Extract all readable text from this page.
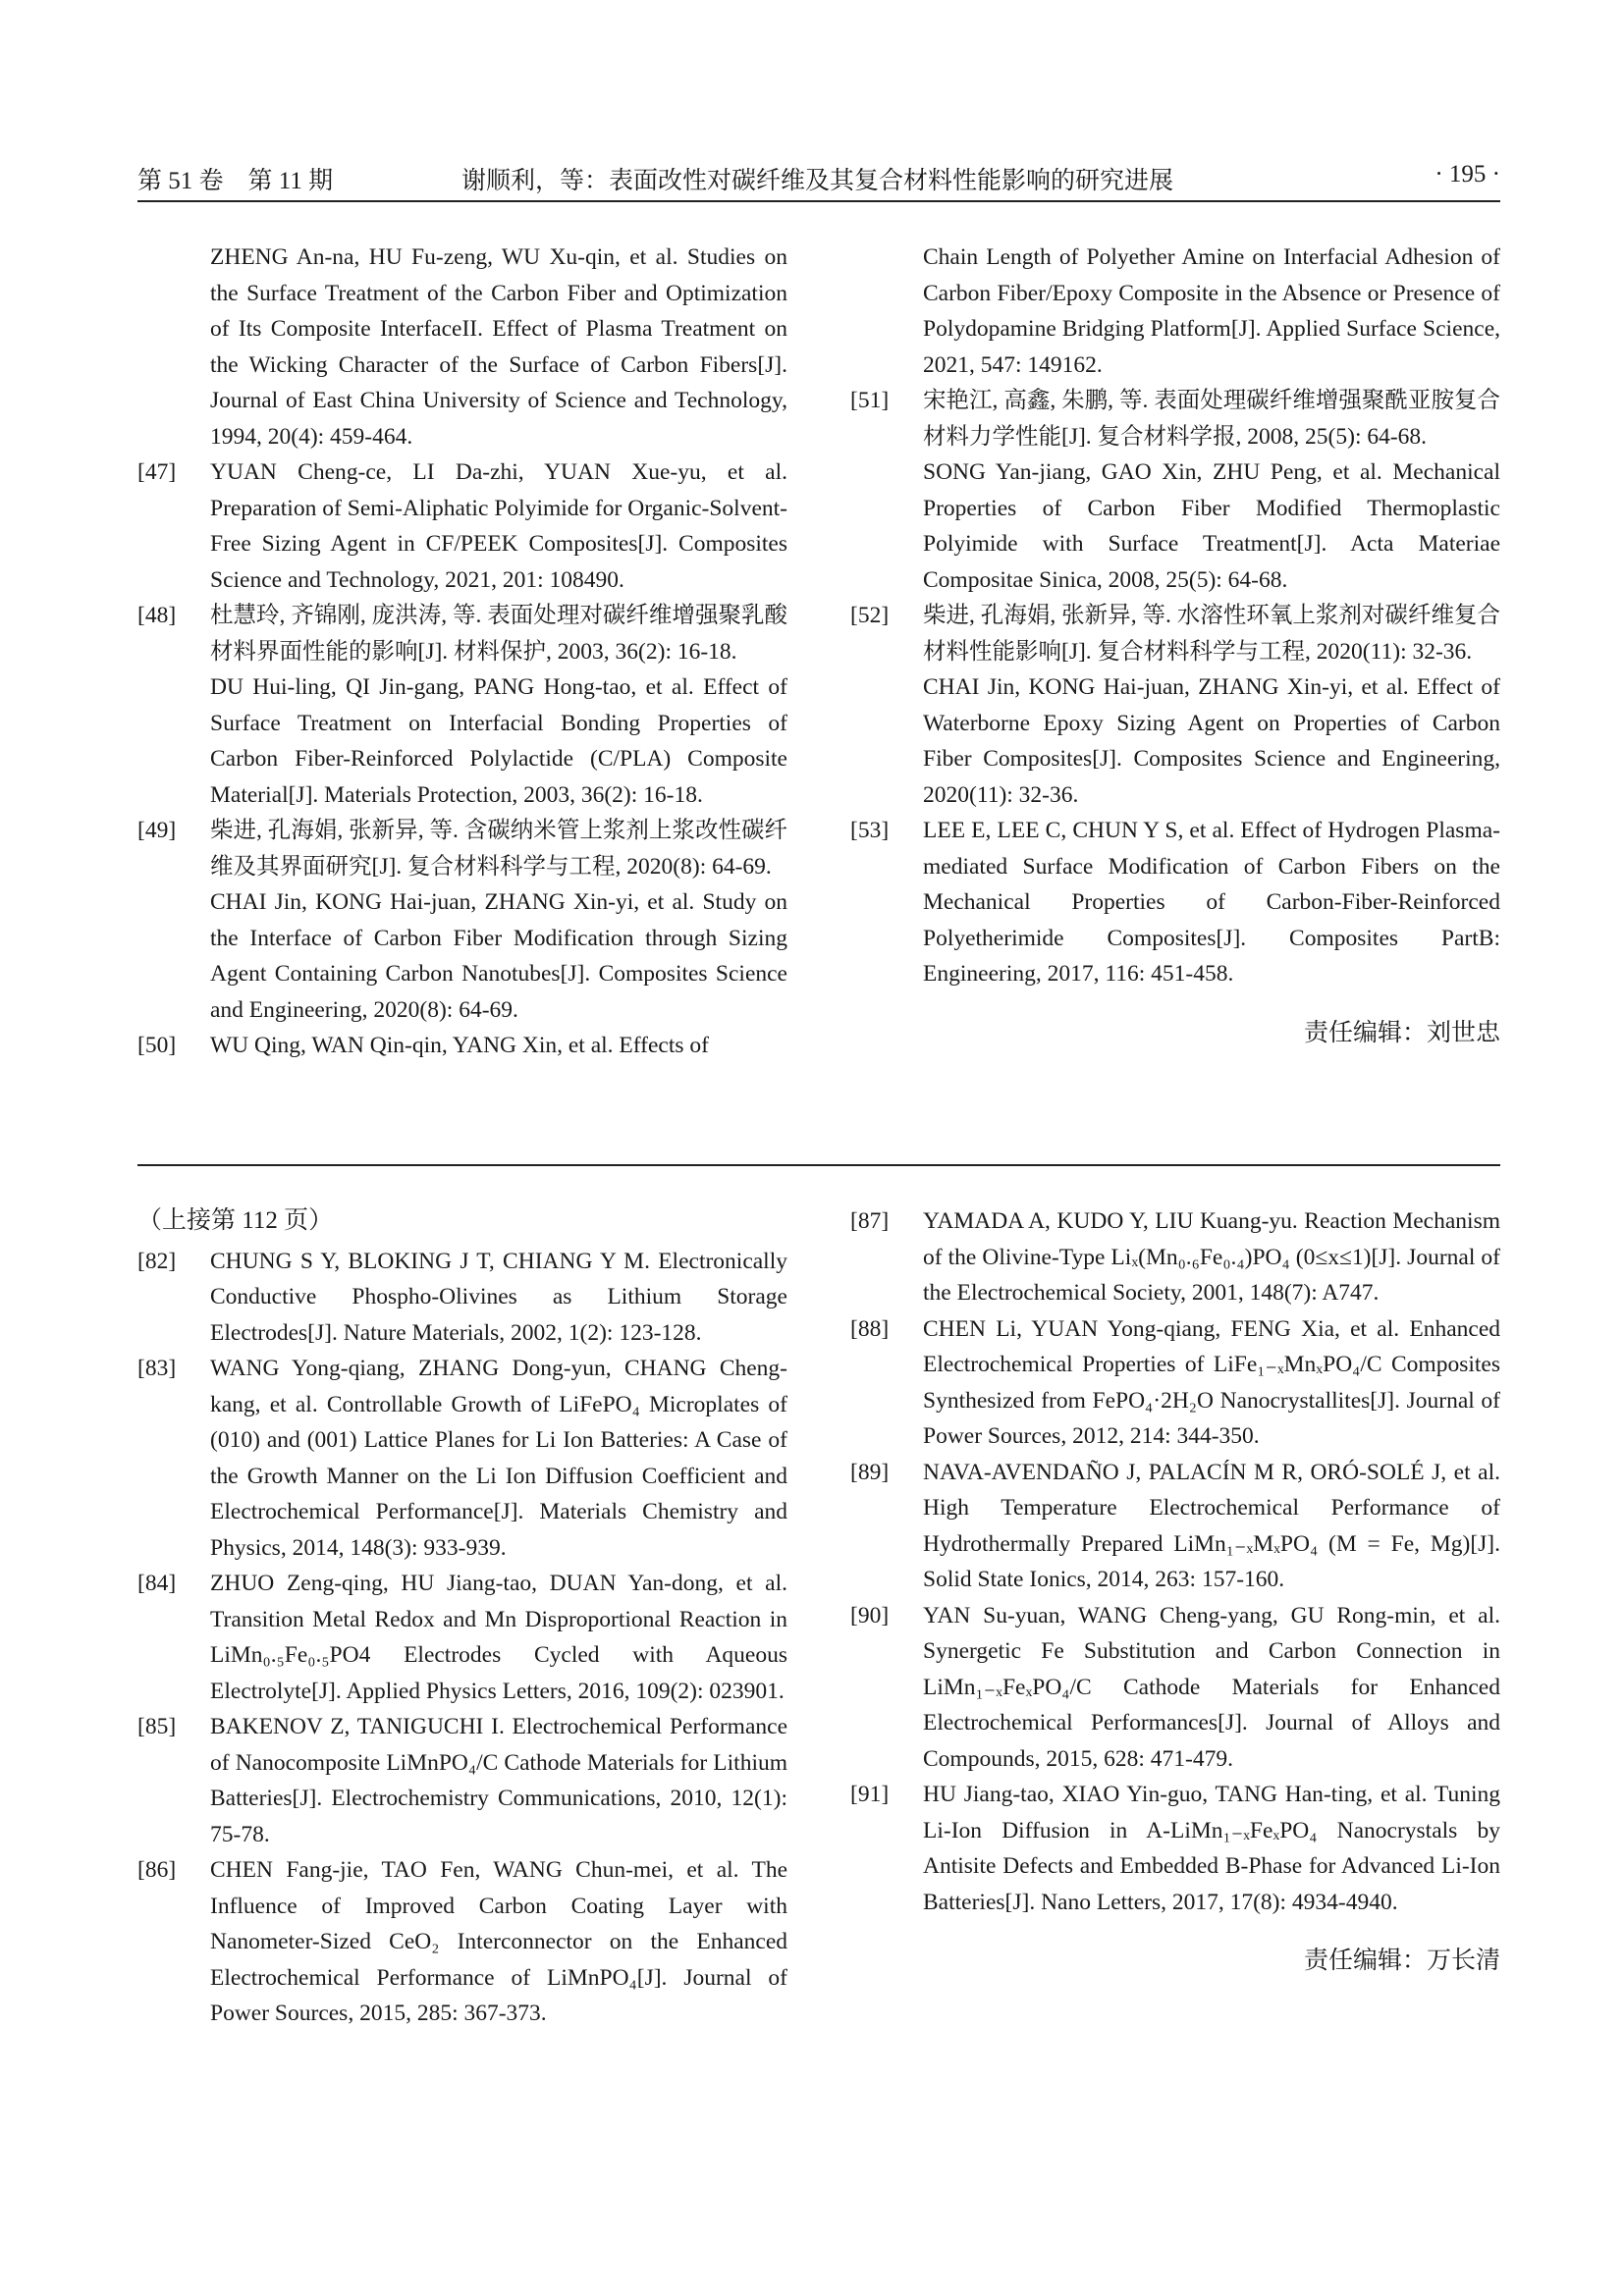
第 51 卷　第 11 期	谢顺利，等：表面改性对碳纤维及其复合材料性能影响的研究进展	· 195 ·
ZHENG An-na, HU Fu-zeng, WU Xu-qin, et al. Studies on the Surface Treatment of the Carbon Fiber and Optimization of Its Composite InterfaceII. Effect of Plasma Treatment on the Wicking Character of the Surface of Carbon Fibers[J]. Journal of East China University of Science and Technology, 1994, 20(4): 459-464.
[47] YUAN Cheng-ce, LI Da-zhi, YUAN Xue-yu, et al. Preparation of Semi-Aliphatic Polyimide for Organic-Solvent-Free Sizing Agent in CF/PEEK Composites[J]. Composites Science and Technology, 2021, 201: 108490.
[48] 杜慧玲, 齐锦刚, 庞洪涛, 等. 表面处理对碳纤维增强聚乳酸材料界面性能的影响[J]. 材料保护, 2003, 36(2): 16-18.
DU Hui-ling, QI Jin-gang, PANG Hong-tao, et al. Effect of Surface Treatment on Interfacial Bonding Properties of Carbon Fiber-Reinforced Polylactide (C/PLA) Composite Material[J]. Materials Protection, 2003, 36(2): 16-18.
[49] 柴进, 孔海娟, 张新异, 等. 含碳纳米管上浆剂上浆改性碳纤维及其界面研究[J]. 复合材料科学与工程, 2020(8): 64-69.
CHAI Jin, KONG Hai-juan, ZHANG Xin-yi, et al. Study on the Interface of Carbon Fiber Modification through Sizing Agent Containing Carbon Nanotubes[J]. Composites Science and Engineering, 2020(8): 64-69.
[50] WU Qing, WAN Qin-qin, YANG Xin, et al. Effects of
Chain Length of Polyether Amine on Interfacial Adhesion of Carbon Fiber/Epoxy Composite in the Absence or Presence of Polydopamine Bridging Platform[J]. Applied Surface Science, 2021, 547: 149162.
[51] 宋艳江, 高鑫, 朱鹏, 等. 表面处理碳纤维增强聚酰亚胺复合材料力学性能[J]. 复合材料学报, 2008, 25(5): 64-68.
SONG Yan-jiang, GAO Xin, ZHU Peng, et al. Mechanical Properties of Carbon Fiber Modified Thermoplastic Polyimide with Surface Treatment[J]. Acta Materiae Compositae Sinica, 2008, 25(5): 64-68.
[52] 柴进, 孔海娟, 张新异, 等. 水溶性环氧上浆剂对碳纤维复合材料性能影响[J]. 复合材料科学与工程, 2020(11): 32-36.
CHAI Jin, KONG Hai-juan, ZHANG Xin-yi, et al. Effect of Waterborne Epoxy Sizing Agent on Properties of Carbon Fiber Composites[J]. Composites Science and Engineering, 2020(11): 32-36.
[53] LEE E, LEE C, CHUN Y S, et al. Effect of Hydrogen Plasma-mediated Surface Modification of Carbon Fibers on the Mechanical Properties of Carbon-Fiber-Reinforced Polyetherimide Composites[J]. Composites PartB: Engineering, 2017, 116: 451-458.
责任编辑：刘世忠
（上接第 112 页）
[82] CHUNG S Y, BLOKING J T, CHIANG Y M. Electronically Conductive Phospho-Olivines as Lithium Storage Electrodes[J]. Nature Materials, 2002, 1(2): 123-128.
[83] WANG Yong-qiang, ZHANG Dong-yun, CHANG Cheng-kang, et al. Controllable Growth of LiFePO₄ Microplates of (010) and (001) Lattice Planes for Li Ion Batteries: A Case of the Growth Manner on the Li Ion Diffusion Coefficient and Electrochemical Performance[J]. Materials Chemistry and Physics, 2014, 148(3): 933-939.
[84] ZHUO Zeng-qing, HU Jiang-tao, DUAN Yan-dong, et al. Transition Metal Redox and Mn Disproportional Reaction in LiMn₀.₅Fe₀.₅PO4 Electrodes Cycled with Aqueous Electrolyte[J]. Applied Physics Letters, 2016, 109(2): 023901.
[85] BAKENOV Z, TANIGUCHI I. Electrochemical Performance of Nanocomposite LiMnPO₄/C Cathode Materials for Lithium Batteries[J]. Electrochemistry Communications, 2010, 12(1): 75-78.
[86] CHEN Fang-jie, TAO Fen, WANG Chun-mei, et al. The Influence of Improved Carbon Coating Layer with Nanometer-Sized CeO₂ Interconnector on the Enhanced Electrochemical Performance of LiMnPO₄[J]. Journal of Power Sources, 2015, 285: 367-373.
[87] YAMADA A, KUDO Y, LIU Kuang-yu. Reaction Mechanism of the Olivine-Type Liₓ(Mn₀.₆Fe₀.₄)PO₄ (0≤x≤1)[J]. Journal of the Electrochemical Society, 2001, 148(7): A747.
[88] CHEN Li, YUAN Yong-qiang, FENG Xia, et al. Enhanced Electrochemical Properties of LiFe₁₋ₓMnₓPO₄/C Composites Synthesized from FePO₄·2H₂O Nanocrystallites[J]. Journal of Power Sources, 2012, 214: 344-350.
[89] NAVA-AVENDAÑO J, PALACÍN M R, ORÓ-SOLÉ J, et al. High Temperature Electrochemical Performance of Hydrothermally Prepared LiMn₁₋ₓMₓPO₄ (M = Fe, Mg)[J]. Solid State Ionics, 2014, 263: 157-160.
[90] YAN Su-yuan, WANG Cheng-yang, GU Rong-min, et al. Synergetic Fe Substitution and Carbon Connection in LiMn₁₋ₓFeₓPO₄/C Cathode Materials for Enhanced Electrochemical Performances[J]. Journal of Alloys and Compounds, 2015, 628: 471-479.
[91] HU Jiang-tao, XIAO Yin-guo, TANG Han-ting, et al. Tuning Li-Ion Diffusion in A-LiMn₁₋ₓFeₓPO₄ Nanocrystals by Antisite Defects and Embedded B-Phase for Advanced Li-Ion Batteries[J]. Nano Letters, 2017, 17(8): 4934-4940.
责任编辑：万长清
